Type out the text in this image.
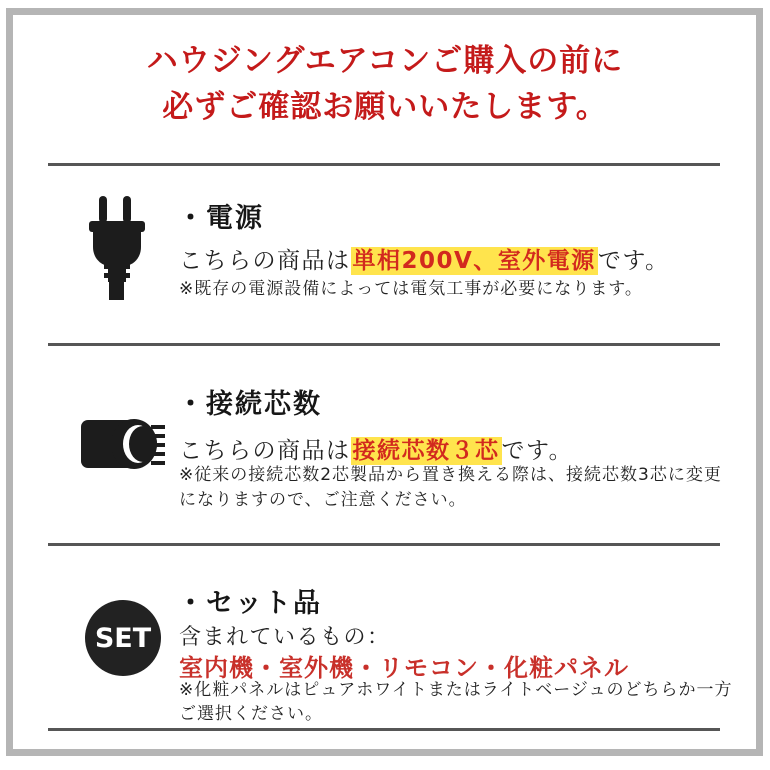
ハウジングエアコンご購入の前に
必ずご確認お願いいたします。
・電源
こちらの商品は単相200V、室外電源です。
※既存の電源設備によっては電気工事が必要になります。
・接続芯数
こちらの商品は接続芯数３芯です。
※従来の接続芯数2芯製品から置き換える際は、接続芯数3芯に変更になりますので、ご注意ください。
SET
・セット品
含まれているもの：
室内機・室外機・リモコン・化粧パネル
※化粧パネルはピュアホワイトまたはライトベージュのどちらか一方ご選択ください。
